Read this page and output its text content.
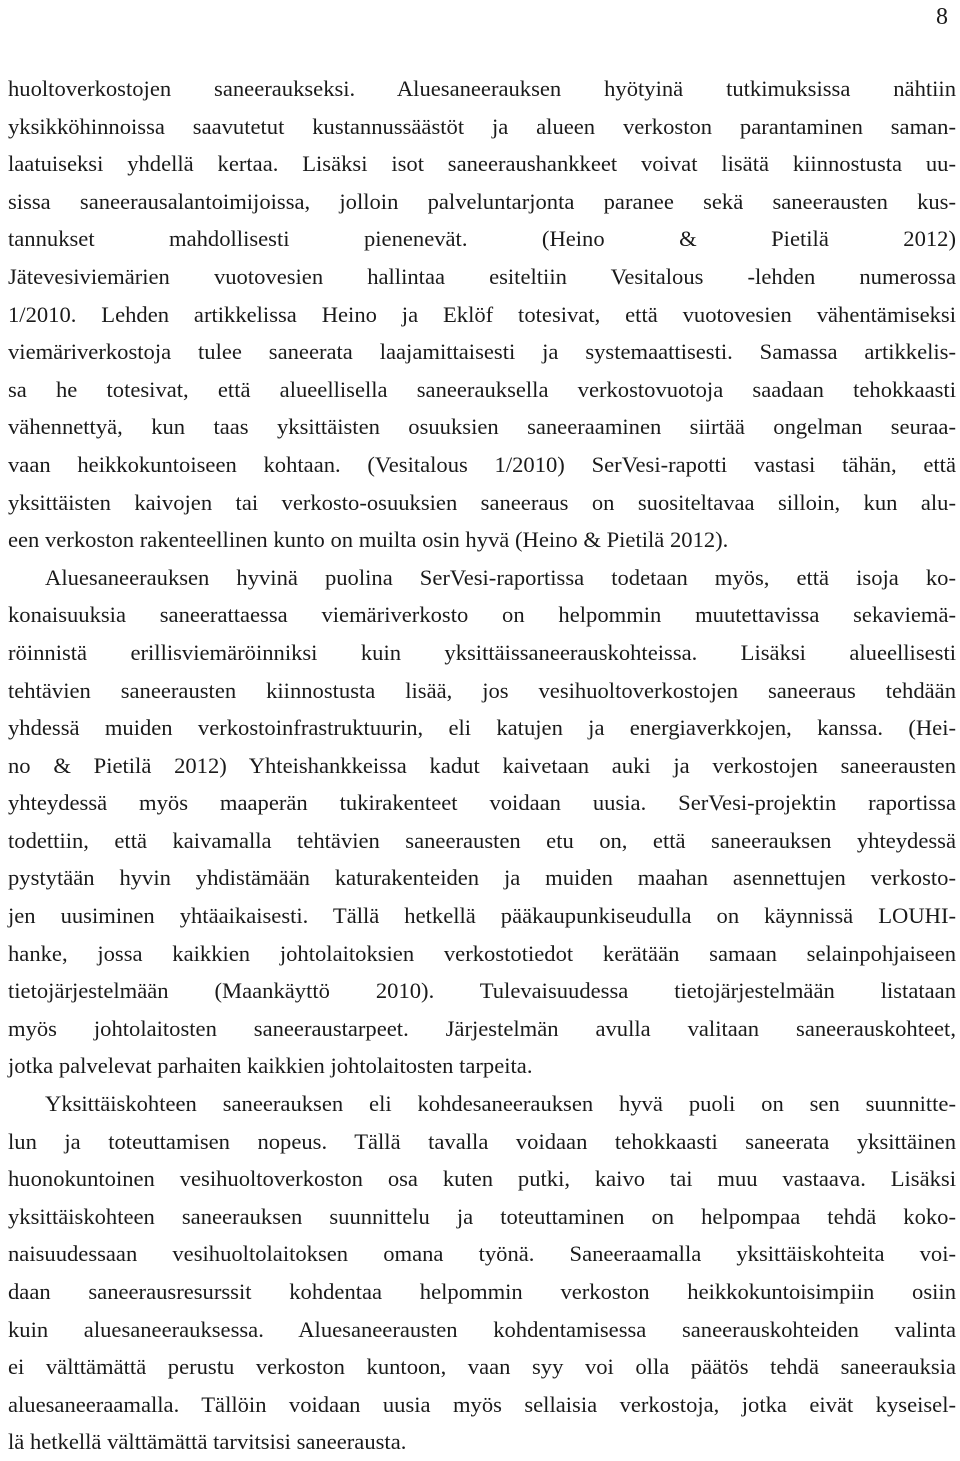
8
huoltoverkostojen saneeraukseksi. Aluesaneerauksen hyötyinä tutkimuksissa nähtiin
yksikköhinnoissa saavutetut kustannussäästöt ja alueen verkoston parantaminen saman-
laatuiseksi yhdellä kertaa. Lisäksi isot saneeraushankkeet voivat lisätä kiinnostusta uu-
sissa saneerausalantoimijoissa, jolloin palveluntarjonta paranee sekä saneerausten kus-
tannukset mahdollisesti pienenevät. (Heino & Pietilä 2012)
Jätevesiviemärien vuotovesien hallintaa esiteltiin Vesitalous -lehden numerossa
1/2010. Lehden artikkelissa Heino ja Eklöf totesivat, että vuotovesien vähentämiseksi
viemäriverkostoja tulee saneerata laajamittaisesti ja systemaattisesti. Samassa artikkelis-
sa he totesivat, että alueellisella saneerauksella verkostovuotoja saadaan tehokkaasti
vähennettyä, kun taas yksittäisten osuuksien saneeraaminen siirtää ongelman seuraa-
vaan heikkokuntoiseen kohtaan. (Vesitalous 1/2010) SerVesi-rapotti vastasi tähän, että
yksittäisten kaivojen tai verkosto-osuuksien saneeraus on suositeltavaa silloin, kun alu-
een verkoston rakenteellinen kunto on muilta osin hyvä (Heino & Pietilä 2012).
Aluesaneerauksen hyvinä puolina SerVesi-raportissa todetaan myös, että isoja ko-
konaisuuksia saneerattaessa viemäriverkosto on helpommin muutettavissa sekaviemä-
röinnistä erillisviemäröinniksi kuin yksittäissaneerauskohteissa. Lisäksi alueellisesti
tehtävien saneerausten kiinnostusta lisää, jos vesihuoltoverkostojen saneeraus tehdään
yhdessä muiden verkostoinfrastruktuurin, eli katujen ja energiaverkkojen, kanssa. (Hei-
no & Pietilä 2012) Yhteishankkeissa kadut kaivetaan auki ja verkostojen saneerausten
yhteydessä myös maaperän tukirakenteet voidaan uusia. SerVesi-projektin raportissa
todettiin, että kaivamalla tehtävien saneerausten etu on, että saneerauksen yhteydessä
pystytään hyvin yhdistämään katurakenteiden ja muiden maahan asennettujen verkosto-
jen uusiminen yhtäaikaisesti. Tällä hetkellä pääkaupunkiseudulla on käynnissä LOUHI-
hanke, jossa kaikkien johtolaitoksien verkostotiedot kerätään samaan selainpohjaiseen
tietojärjestelmään (Maankäyttö 2010). Tulevaisuudessa tietojärjestelmään listataan
myös johtolaitosten saneeraustarpeet. Järjestelmän avulla valitaan saneerauskohteet,
jotka palvelevat parhaiten kaikkien johtolaitosten tarpeita.
Yksittäiskohteen saneerauksen eli kohdesaneerauksen hyvä puoli on sen suunnitte-
lun ja toteuttamisen nopeus. Tällä tavalla voidaan tehokkaasti saneerata yksittäinen
huonokuntoinen vesihuoltoverkoston osa kuten putki, kaivo tai muu vastaava. Lisäksi
yksittäiskohteen saneerauksen suunnittelu ja toteuttaminen on helpompaa tehdä koko-
naisuudessaan vesihuoltolaitoksen omana työnä. Saneeraamalla yksittäiskohteita voi-
daan saneerausresurssit kohdentaa helpommin verkoston heikkokuntoisimpiin osiin
kuin aluesaneerauksessa. Aluesaneerausten kohdentamisessa saneerauskohteiden valinta
ei välttämättä perustu verkoston kuntoon, vaan syy voi olla päätös tehdä saneerauksia
aluesaneeraamalla. Tällöin voidaan uusia myös sellaisia verkostoja, jotka eivät kyseisel-
lä hetkellä välttämättä tarvitsisi saneerausta.
